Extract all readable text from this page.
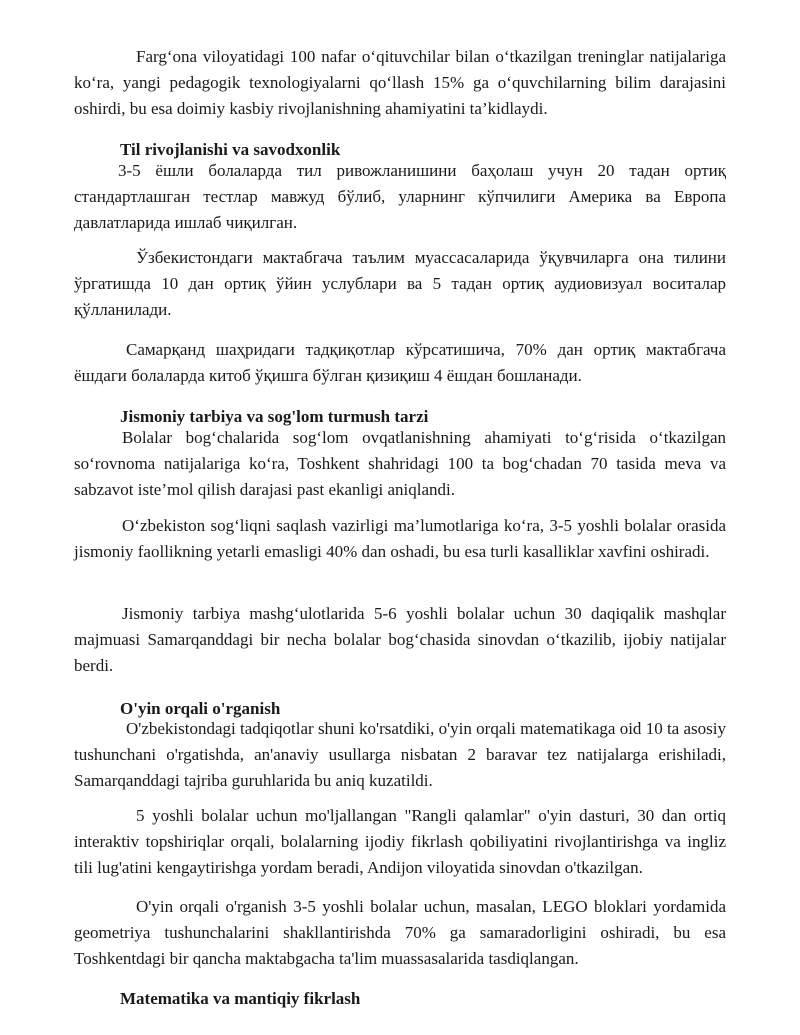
Farg‘ona viloyatidagi 100 nafar o‘qituvchilar bilan o‘tkazilgan treninglar natijalariga ko‘ra, yangi pedagogik texnologiyalarni qo‘llash 15% ga o‘quvchilarning bilim darajasini oshirdi, bu esa doimiy kasbiy rivojlanishning ahamiyatini ta’kidlaydi.

Til rivojlanishi va savodxonlik

3-5 ёшли болаларда тил ривожланишини баҳолаш учун 20 тадан ортиқ стандартлашган тестлар мавжуд бўлиб, уларнинг кўпчилиги Америка ва Европа давлатларида ишлаб чиқилган.

Ўзбекистондаги мактабгача таълим муассасаларида ўқувчиларга она тилини ўргатишда 10 дан ортиқ ўйин услублари ва 5 тадан ортиқ аудиовизуал воситалар қўлланилади.

Самарқанд шаҳридаги тадқиқотлар кўрсатишича, 70% дан ортиқ мактабгача ёшдаги болаларда китоб ўқишга бўлган қизиқиш 4 ёшдан бошланади.

Jismoniy tarbiya va sog'lom turmush tarzi

Bolalar bog‘chalarida sog‘lom ovqatlanishning ahamiyati to‘g‘risida o‘tkazilgan so‘rovnoma natijalariga ko‘ra, Toshkent shahridagi 100 ta bog‘chadan 70 tasida meva va sabzavot iste’mol qilish darajasi past ekanligi aniqlandi.

O‘zbekiston sog‘liqni saqlash vazirligi ma’lumotlariga ko‘ra, 3-5 yoshli bolalar orasida jismoniy faollikning yetarli emasligi 40% dan oshadi, bu esa turli kasalliklar xavfini oshiradi.

Jismoniy tarbiya mashg‘ulotlarida 5-6 yoshli bolalar uchun 30 daqiqalik mashqlar majmuasi Samarqanddagi bir necha bolalar bog‘chasida sinovdan o‘tkazilib, ijobiy natijalar berdi.

O'yin orqali o'rganish

O'zbekistondagi tadqiqotlar shuni ko'rsatdiki, o'yin orqali matematikaga oid 10 ta asosiy tushunchani o'rgatishda, an'anaviy usullarga nisbatan 2 baravar tez natijalarga erishiladi, Samarqanddagi tajriba guruhlarida bu aniq kuzatildi.

5 yoshli bolalar uchun mo'ljallangan "Rangli qalamlar" o'yin dasturi, 30 dan ortiq interaktiv topshiriqlar orqali, bolalarning ijodiy fikrlash qobiliyatini rivojlantirishga va ingliz tili lug'atini kengaytirishga yordam beradi, Andijon viloyatida sinovdan o'tkazilgan.

O'yin orqali o'rganish 3-5 yoshli bolalar uchun, masalan, LEGO bloklari yordamida geometriya tushunchalarini shakllantirishda 70% ga samaradorligini oshiradi, bu esa Toshkentdagi bir qancha maktabgacha ta'lim muassasalarida tasdiqlangan.

Matematika va mantiqiy fikrlash
